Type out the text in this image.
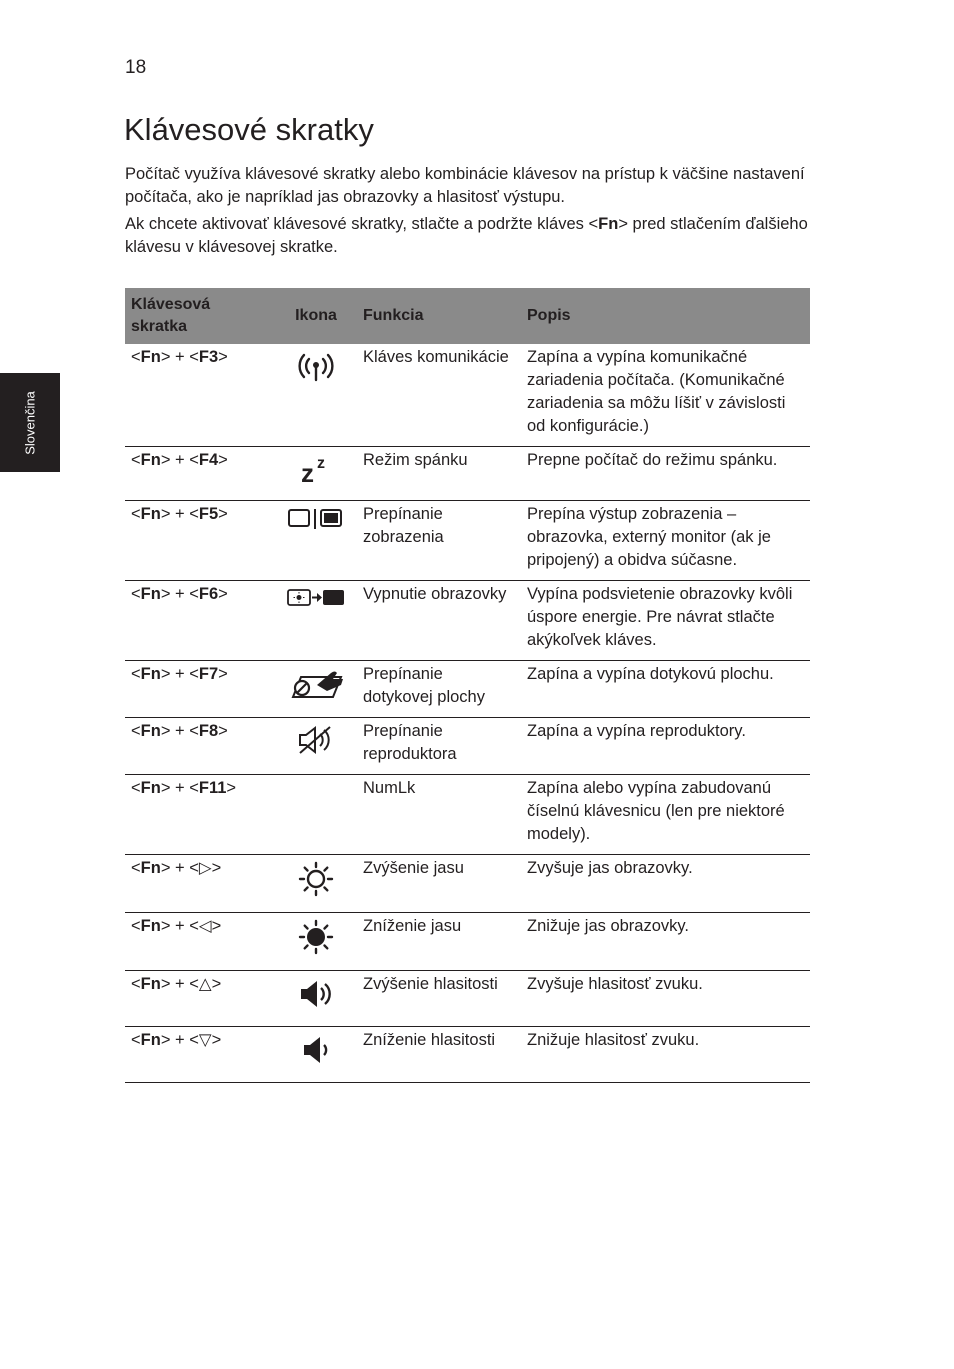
18
Slovenčina
Klávesové skratky

Počítač využíva klávesové skratky alebo kombinácie klávesov na prístup k väčšine nastavení počítača, ako je napríklad jas obrazovky a hlasitosť výstupu.

Ak chcete aktivovať klávesové skratky, stlačte a podržte kláves <Fn> pred stlačením ďalšieho klávesu v klávesovej skratke.

Klávesová skratka	Ikona	Funkcia	Popis
<Fn> + <F3>		Kláves komunikácie	Zapína a vypína komunikačné zariadenia počítača. (Komunikačné zariadenia sa môžu líšiť v závislosti od konfigurácie.)
<Fn> + <F4>	z z	Režim spánku	Prepne počítač do režimu spánku.
<Fn> + <F5>		Prepínanie zobrazenia	Prepína výstup zobrazenia – obrazovka, externý monitor (ak je pripojený) a obidva súčasne.
<Fn> + <F6>		Vypnutie obrazovky	Vypína podsvietenie obrazovky kvôli úspore energie. Pre návrat stlačte akýkoľvek kláves.
<Fn> + <F7>		Prepínanie dotykovej plochy	Zapína a vypína dotykovú plochu.
<Fn> + <F8>		Prepínanie reproduktora	Zapína a vypína reproduktory.
<Fn> + <F11>		NumLk	Zapína alebo vypína zabudovanú číselnú klávesnicu (len pre niektoré modely).
<Fn> + <▷>		Zvýšenie jasu	Zvyšuje jas obrazovky.
<Fn> + <◁>		Zníženie jasu	Znižuje jas obrazovky.
<Fn> + <△>		Zvýšenie hlasitosti	Zvyšuje hlasitosť zvuku.
<Fn> + <▽>		Zníženie hlasitosti	Znižuje hlasitosť zvuku.
